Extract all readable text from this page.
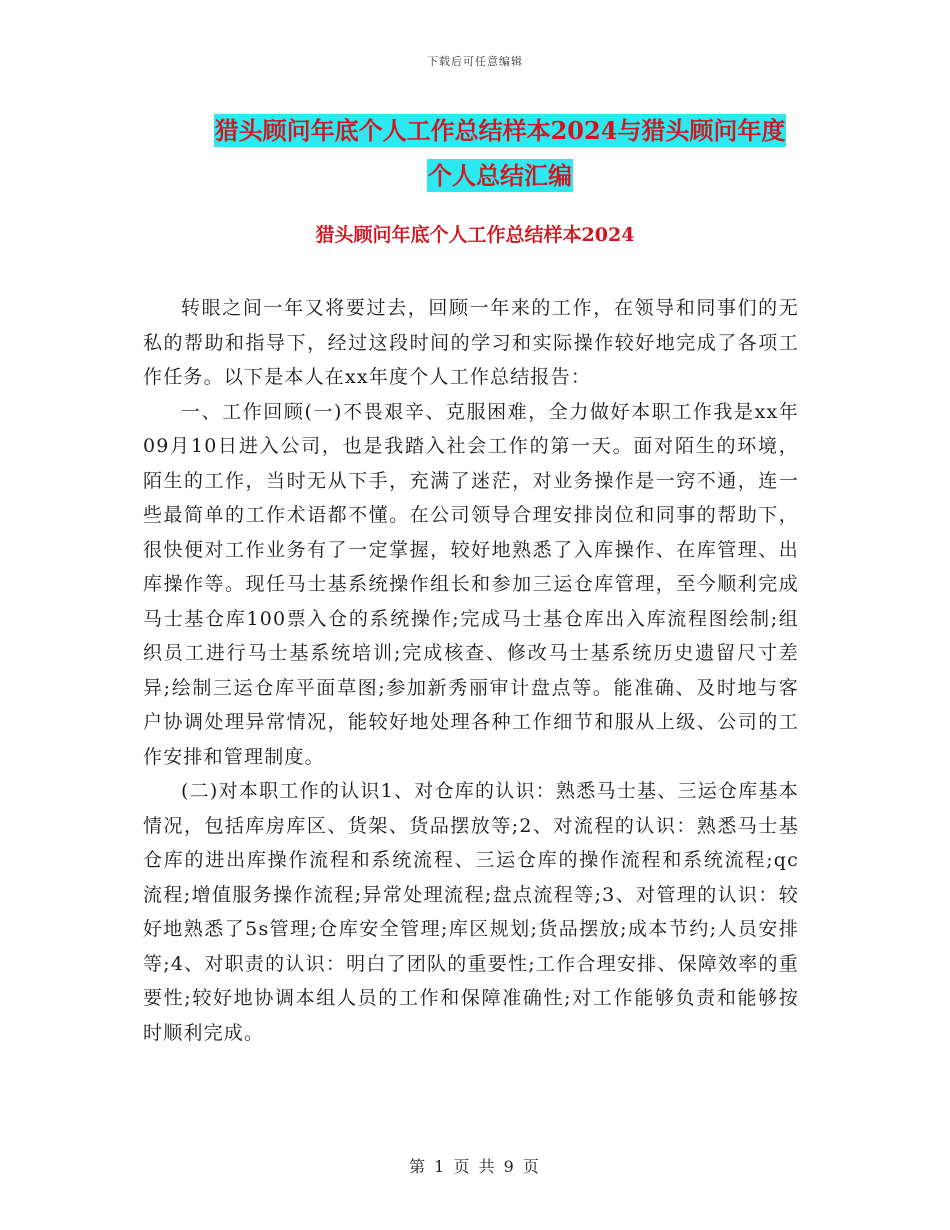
下载后可任意编辑
猎头顾问年底个人工作总结样本2024与猎头顾问年度
个人总结汇编
猎头顾问年底个人工作总结样本2024

转眼之间一年又将要过去，回顾一年来的工作，在领导和同事们的无私的帮助和指导下，经过这段时间的学习和实际操作较好地完成了各项工作任务。以下是本人在xx年度个人工作总结报告：

一、工作回顾(一)不畏艰辛、克服困难，全力做好本职工作我是xx年09月10日进入公司，也是我踏入社会工作的第一天。面对陌生的环境，陌生的工作，当时无从下手，充满了迷茫，对业务操作是一窍不通，连一些最简单的工作术语都不懂。在公司领导合理安排岗位和同事的帮助下，很快便对工作业务有了一定掌握，较好地熟悉了入库操作、在库管理、出库操作等。现任马士基系统操作组长和参加三运仓库管理，至今顺利完成马士基仓库100票入仓的系统操作;完成马士基仓库出入库流程图绘制;组织员工进行马士基系统培训;完成核查、修改马士基系统历史遗留尺寸差异;绘制三运仓库平面草图;参加新秀丽审计盘点等。能准确、及时地与客户协调处理异常情况，能较好地处理各种工作细节和服从上级、公司的工作安排和管理制度。

(二)对本职工作的认识1、对仓库的认识：熟悉马士基、三运仓库基本情况，包括库房库区、货架、货品摆放等;2、对流程的认识：熟悉马士基仓库的进出库操作流程和系统流程、三运仓库的操作流程和系统流程;qc流程;增值服务操作流程;异常处理流程;盘点流程等;3、对管理的认识：较好地熟悉了5s管理;仓库安全管理;库区规划;货品摆放;成本节约;人员安排等;4、对职责的认识：明白了团队的重要性;工作合理安排、保障效率的重要性;较好地协调本组人员的工作和保障准确性;对工作能够负责和能够按时顺利完成。

第 1 页 共 9 页
